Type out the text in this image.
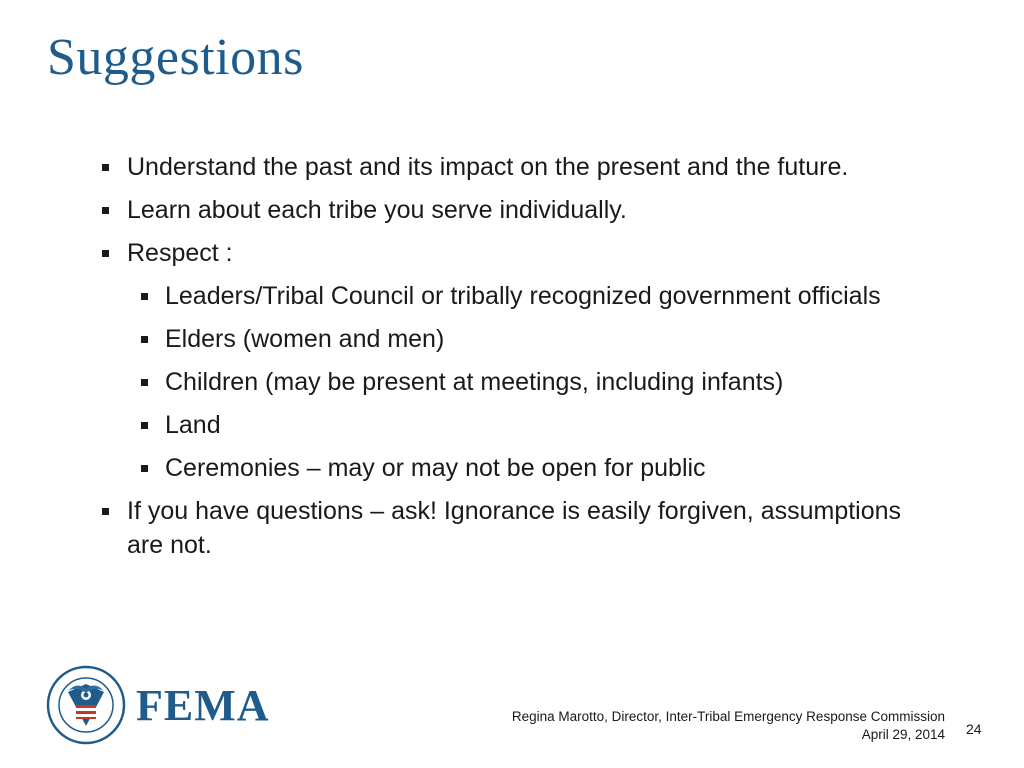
Suggestions
Understand the past and its impact on the present and the future.
Learn about each tribe you serve individually.
Respect :
Leaders/Tribal Council or tribally recognized government officials
Elders (women and men)
Children (may be present at meetings, including infants)
Land
Ceremonies – may or may not be open for public
If you have questions – ask! Ignorance is easily forgiven, assumptions are not.
FEMA	Regina Marotto, Director, Inter-Tribal Emergency Response Commission
April 29, 2014 24
